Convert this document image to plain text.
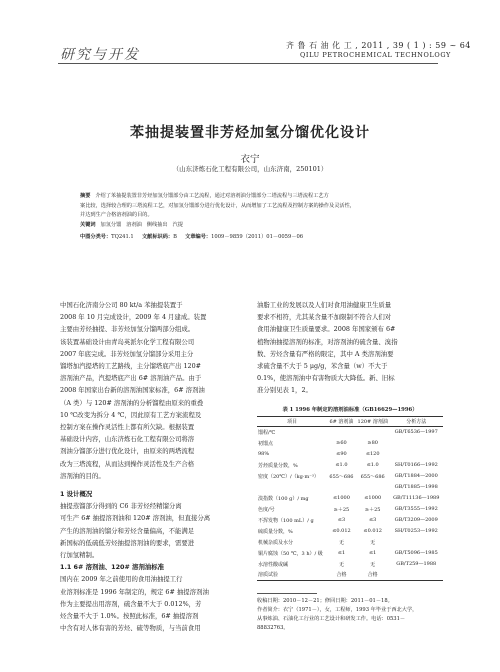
研究与开发
齐 鲁 石 油 化 工 , 2011 , 39 ( 1 ) : 59 ~ 64
QILU PETROCHEMICAL TECHNOLOGY
苯抽提装置非芳烃加氢分馏优化设计
衣宁
（山东济炼石化工程有限公司，山东济南，250101）
摘要 介绍了苯抽提装置非芳烃加氢分馏部分由工艺流程，通过对溶剂油分馏部分二塔流程与三塔流程工艺方
案比较，选择较合理的三塔流程工艺，对加氢分馏部分进行优化设计，从而增加了工艺流程及控制方案的操作及灵活性，
并达到生产合格溶剂油的目的。
关键词 加氢分馏 溶剂油 侧线抽出 汽提
中图分类号：TQ241.1 文献标识码：B 文章编号：1009－9859（2011）01－0059－06
中国石化济南分公司 80 kt/a 苯抽提装置于
2008 年 10 月完成设计，2009 年 4 月建成。装置
主要由芳烃抽提、非芳烃加氢分馏两部分组成。
该装置基础设计由青岛英派尔化学工程有限公司
2007 年底完成。非芳烃加氢分馏部分采用主分
馏塔加汽提塔的工艺路线，主分馏塔底产出 120#
溶剂油产品，汽提塔底产出 6# 溶剂油产品。由于
2008 年国家出台新的溶剂油国家标准，6# 溶剂油
（A 类）与 120# 溶剂油的分析馏程由原来的重叠
10 ℃改变为拆分 4 ℃，因此原有工艺方案流程及
控制方案在操作灵活性上都有所欠缺。根据装置
基础设计内容，山东济炼石化工程有限公司将溶
剂油分馏部分进行优化设计，由原来的两塔流程
改为三塔流程，从而达到操作灵活性及生产合格
溶剂油的目的。
1 设计概况
抽提蒸馏部分得到的 C6 非芳烃经精馏分离
可生产 6# 抽提溶剂油和 120# 溶剂油，但直接分离
产生的溶剂油的馏分和芳烃含量偏高，不能满足
新国标的低硫低芳烃抽提溶剂油的要求，需要进
行加氢精制。
1.1 6# 溶剂油、120# 溶剂油标准
国内在 2009 年之前使用的食用油抽提工行
业溶剂标准是 1996 年制定的，规定 6# 抽提溶剂油
作为主要提出用溶剂，硫含量不大于 0.012%，芳
烃含量不大于 1.0%。按照此标准，6# 抽提溶剂
中含有对人体有害的芳烃、硫等物质，与当前食用
油脂工业的发展以及人们对食用油健康卫生质量
要求不相符，尤其某含量不加限制不符合人们对
食用油健康卫生质量要求。2008 年国家颁布 6#
植物油抽提溶剂的标准，对溶剂油的硫含量、溴指
数、芳烃含量有严格的限定，其中 A 类溶剂油要
求硫含量不大于 5 μg/g，苯含量（w）不大于
0.1%，使溶剂油中有害物质大大降低。新、旧标
准分别见表 1，2。
表 1 1996 年制定的溶剂油标准（GB16629—1996）
项目	6# 溶剂油	120# 溶剂油	分析方法
馏程/℃			GB/T6536—1997
初馏点	≥60	≥80	
98%	≤90	≤120	
芳烃质量分数，%	≤1.0	≤1.0	SH/T0166—1992
密度（20℃）/（kg·m⁻³）	655～686	655～686	GB/T1884—2000
			GB/T1885—1998
溴指数（100 g）/ mg	≤1000	≤1000	GB/T11136—1989
色度/号	≥＋25	≥＋25	GB/T3555—1992
不挥发物（100 mL）/ g	≤3	≤3	GB/T3209—2009
硫质量分数，%	≤0.012	≤0.012	SH/T0253—1992
机械杂质及水分	无	无	
铜片腐蚀（50 ℃，3 h）/ 级	≤1	≤1	GB/T5096—1985
水溶性酸或碱	无	无	GB/T259—1988
溶质试验	合格	合格	
收稿日期：2010－12－21；修回日期：2011－01－18。
作者简介：衣宁（1971－），女，工程师，1993 年毕业于西北大学，
从事炼油、石油化工行业的工艺设计和研发工作。电话：0531－
88832763。
